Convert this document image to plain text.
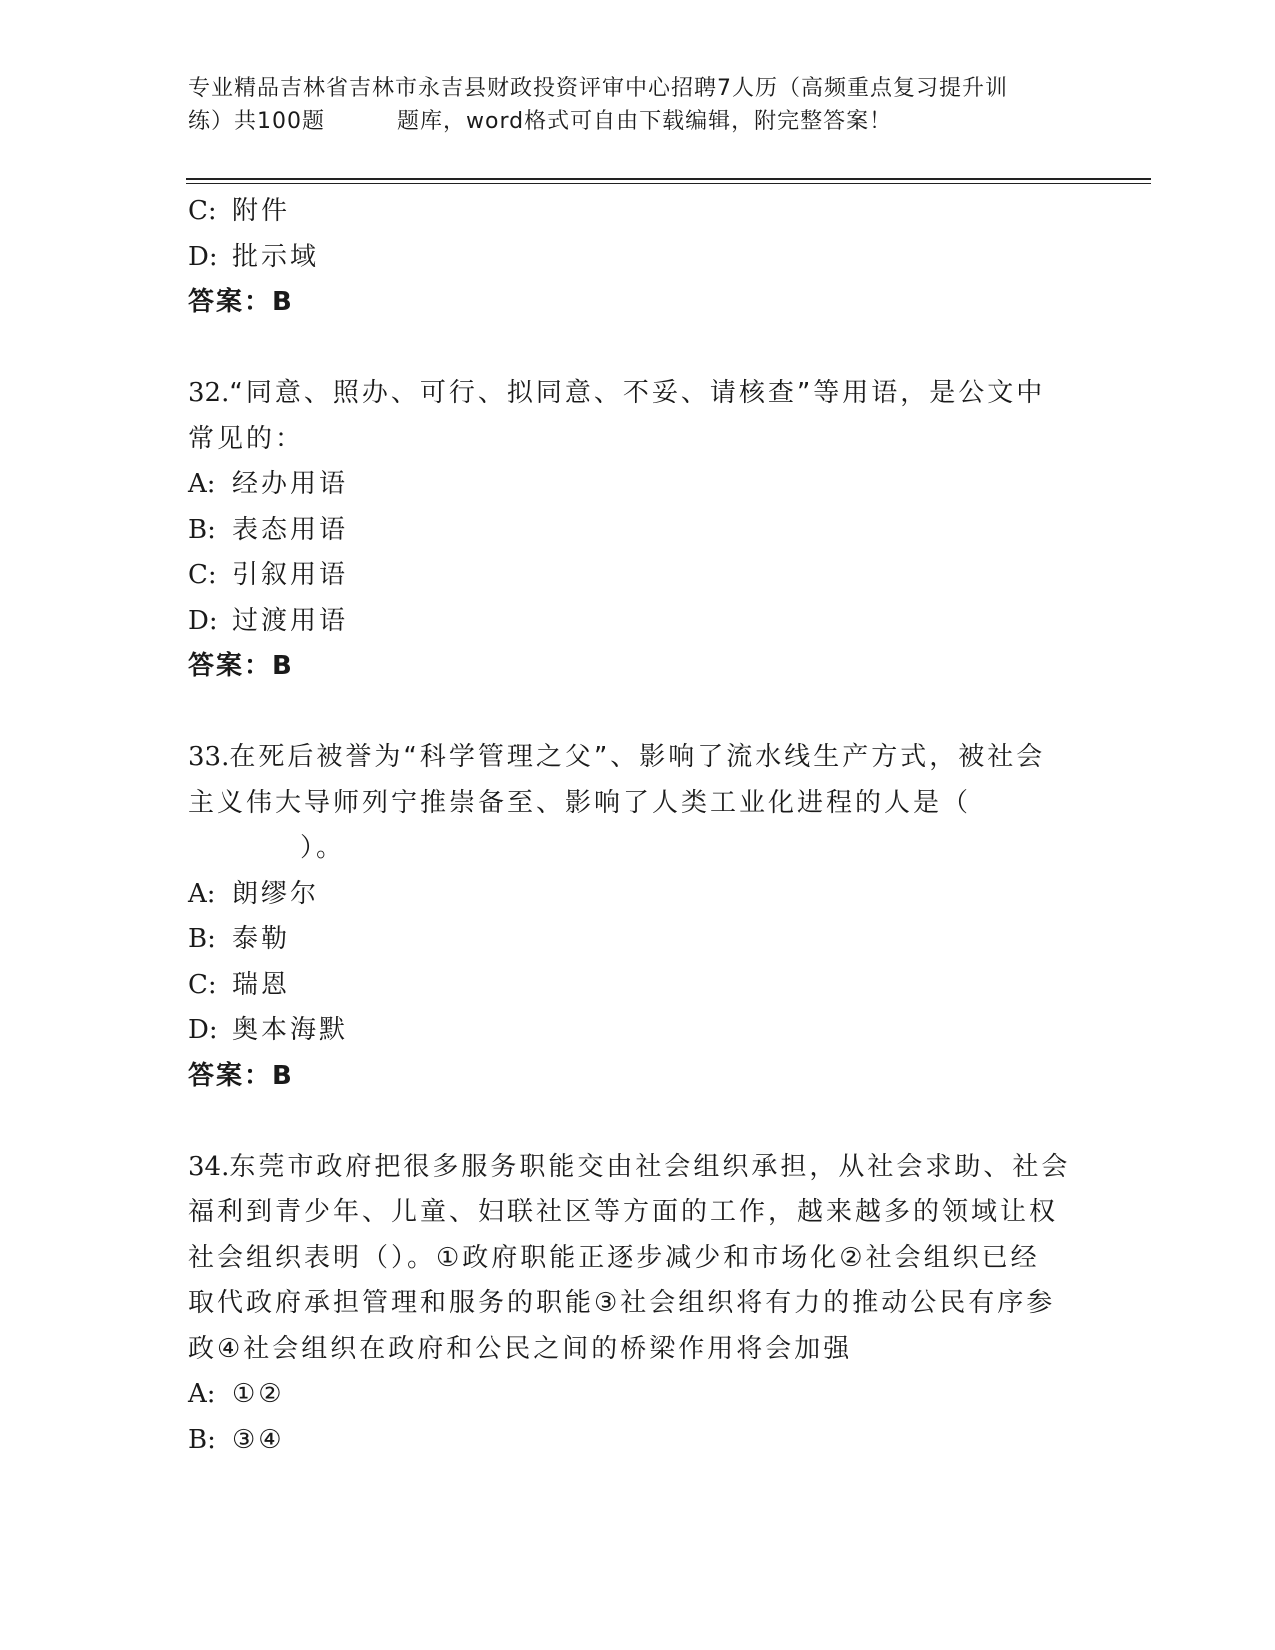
专业精品吉林省吉林市永吉县财政投资评审中心招聘7人历（高频重点复习提升训
练）共100题	题库，word格式可自由下载编辑，附完整答案！
C: 附件
D: 批示域
答案：B
32.“同意、照办、可行、拟同意、不妥、请核查”等用语，是公文中
常见的：
A: 经办用语
B: 表态用语
C: 引叙用语
D: 过渡用语
答案：B
33.在死后被誉为“科学管理之父”、影响了流水线生产方式，被社会
主义伟大导师列宁推崇备至、影响了人类工业化进程的人是（
）。
A: 朗缪尔
B: 泰勒
C: 瑞恩
D: 奥本海默
答案：B
34.东莞市政府把很多服务职能交由社会组织承担，从社会求助、社会
福利到青少年、儿童、妇联社区等方面的工作，越来越多的领域让权
社会组织表明（）。①政府职能正逐步减少和市场化②社会组织已经
取代政府承担管理和服务的职能③社会组织将有力的推动公民有序参
政④社会组织在政府和公民之间的桥梁作用将会加强
A: ①②
B: ③④
